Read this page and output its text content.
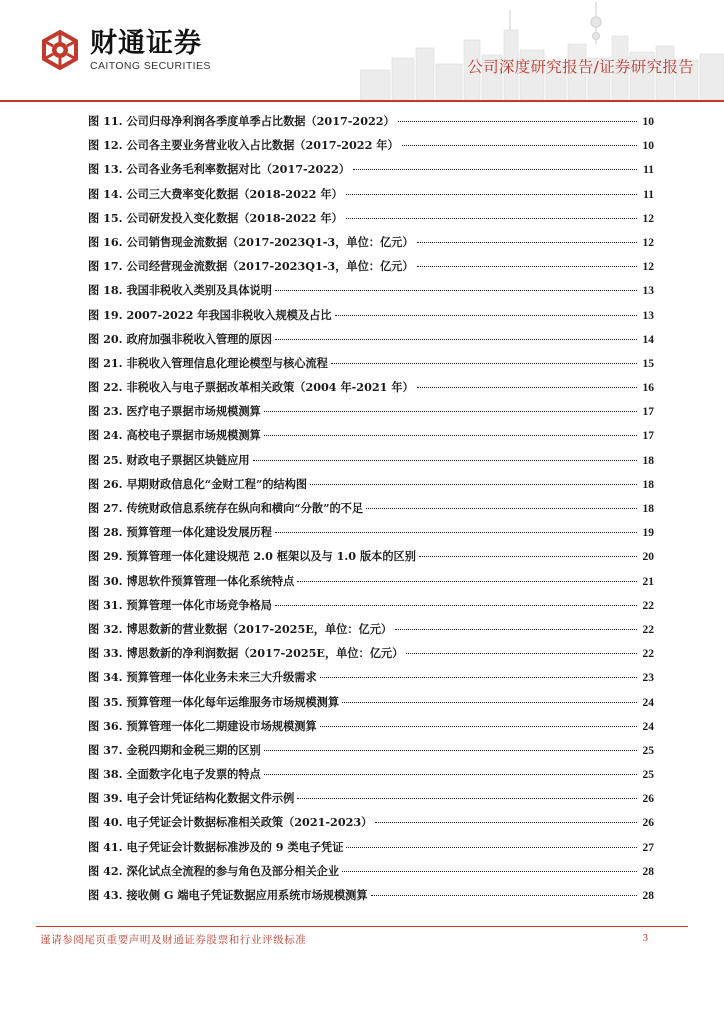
财通证券
CAITONG SECURITIES	公司深度研究报告/证券研究报告
图 11. 公司归母净利润各季度单季占比数据（2017-2022）	10
图 12. 公司各主要业务营业收入占比数据（2017-2022 年）	10
图 13. 公司各业务毛利率数据对比（2017-2022）	11
图 14. 公司三大费率变化数据（2018-2022 年）	11
图 15. 公司研发投入变化数据（2018-2022 年）	12
图 16. 公司销售现金流数据（2017-2023Q1-3，单位：亿元）	12
图 17. 公司经营现金流数据（2017-2023Q1-3，单位：亿元）	12
图 18. 我国非税收入类别及具体说明	13
图 19. 2007-2022 年我国非税收入规模及占比	13
图 20. 政府加强非税收入管理的原因	14
图 21. 非税收入管理信息化理论模型与核心流程	15
图 22. 非税收入与电子票据改革相关政策（2004 年-2021 年）	16
图 23. 医疗电子票据市场规模测算	17
图 24. 高校电子票据市场规模测算	17
图 25. 财政电子票据区块链应用	18
图 26. 早期财政信息化“金财工程”的结构图	18
图 27. 传统财政信息系统存在纵向和横向“分散”的不足	18
图 28. 预算管理一体化建设发展历程	19
图 29. 预算管理一体化建设规范 2.0 框架以及与 1.0 版本的区别	20
图 30. 博思软件预算管理一体化系统特点	21
图 31. 预算管理一体化市场竞争格局	22
图 32. 博思数新的营业数据（2017-2025E，单位：亿元）	22
图 33. 博思数新的净利润数据（2017-2025E，单位：亿元）	22
图 34. 预算管理一体化业务未来三大升级需求	23
图 35. 预算管理一体化每年运维服务市场规模测算	24
图 36. 预算管理一体化二期建设市场规模测算	24
图 37. 金税四期和金税三期的区别	25
图 38. 全面数字化电子发票的特点	25
图 39. 电子会计凭证结构化数据文件示例	26
图 40. 电子凭证会计数据标准相关政策（2021-2023）	26
图 41. 电子凭证会计数据标准涉及的 9 类电子凭证	27
图 42. 深化试点全流程的参与角色及部分相关企业	28
图 43. 接收侧 G 端电子凭证数据应用系统市场规模测算	28
谨请参阅尾页重要声明及财通证券股票和行业评级标准	3
